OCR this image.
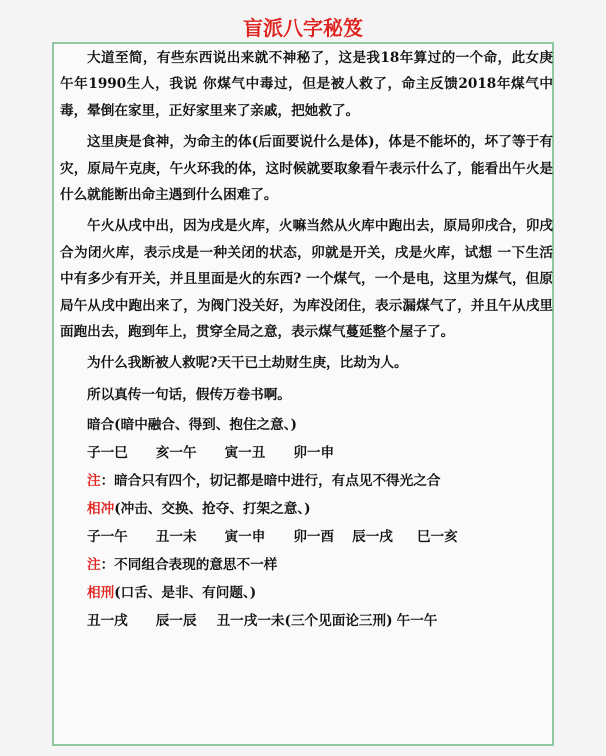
盲派八字秘笈

大道至简，有些东西说出来就不神秘了，这是我18年算过的一个命，此女庚午年1990生人，我说 你煤气中毒过，但是被人救了，命主反馈2018年煤气中毒，晕倒在家里，正好家里来了亲戚，把她救了。

这里庚是食神，为命主的体(后面要说什么是体)，体是不能坏的，坏了等于有灾，原局午克庚，午火环我的体，这时候就要取象看午表示什么了，能看出午火是什么就能断出命主遇到什么困难了。

午火从戌中出，因为戌是火库，火嘛当然从火库中跑出去，原局卯戌合，卯戌合为闭火库，表示戌是一种关闭的状态，卯就是开关，戌是火库，试想 一下生活中有多少有开关，并且里面是火的东西? 一个煤气，一个是电，这里为煤气，但原局午从戌中跑出来了，为阀门没关好，为库没闭住，表示漏煤气了，并且午从戌里面跑出去，跑到年上，贯穿全局之意，表示煤气蔓延整个屋子了。

为什么我断被人救呢?天干已土劫财生庚，比劫为人。

所以真传一句话，假传万卷书啊。

暗合(暗中融合、得到、抱住之意、)

子一巳 亥一午 寅一丑 卯一申

注：暗合只有四个，切记都是暗中进行，有点见不得光之合

相冲(冲击、交换、抢夺、打架之意、)

子一午 丑一未 寅一申 卯一酉 辰一戌 巳一亥

注：不同组合表现的意思不一样

相刑(口舌、是非、有问题、)

丑一戌 辰一辰 丑一戌一未(三个见面论三刑) 午一午
